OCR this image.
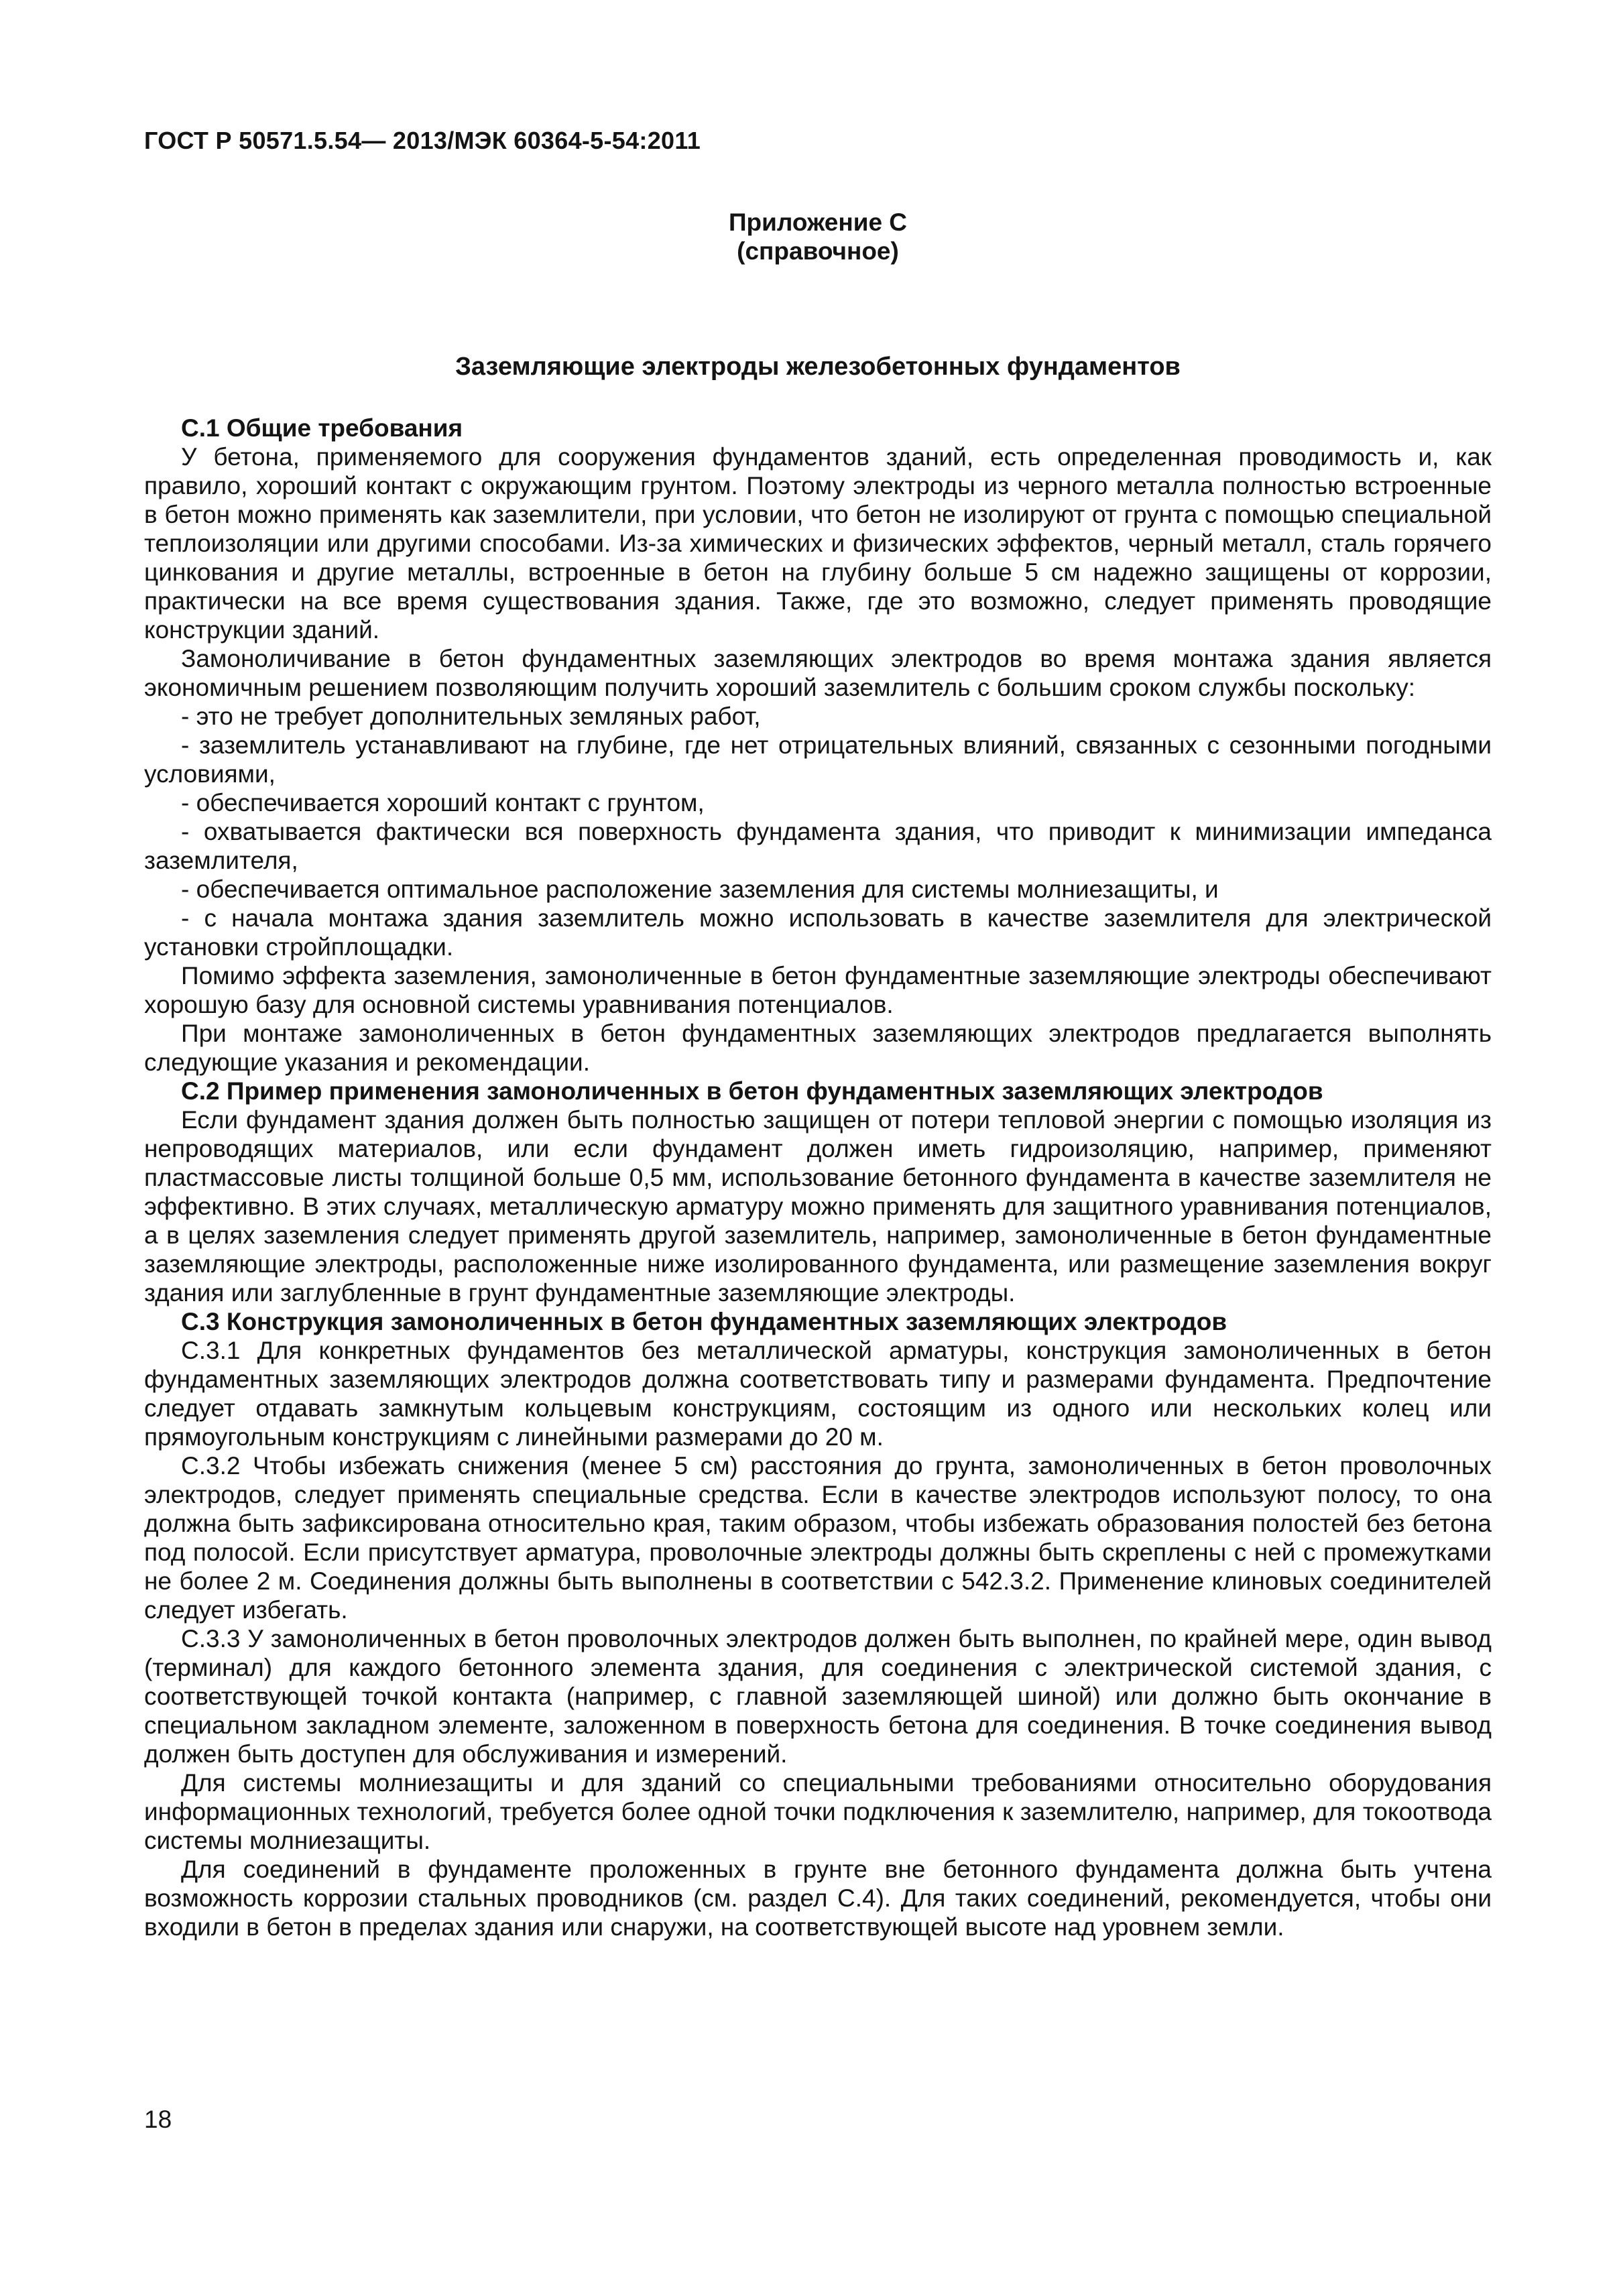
ГОСТ Р 50571.5.54— 2013/МЭК 60364-5-54:2011
Приложение С
(справочное)
Заземляющие электроды железобетонных фундаментов

С.1 Общие требования

У бетона, применяемого для сооружения фундаментов зданий, есть определенная проводимость и, как правило, хороший контакт с окружающим грунтом. Поэтому электроды из черного металла полностью встроенные в бетон можно применять как заземлители, при условии, что бетон не изолируют от грунта с помощью специальной теплоизоляции или другими способами. Из-за химических и физических эффектов, черный металл, сталь горячего цинкования и другие металлы, встроенные в бетон на глубину больше 5 см надежно защищены от коррозии, практически на все время существования здания. Также, где это возможно, следует применять проводящие конструкции зданий.

Замоноличивание в бетон фундаментных заземляющих электродов во время монтажа здания является экономичным решением позволяющим получить хороший заземлитель с большим сроком службы поскольку:

- это не требует дополнительных земляных работ,

- заземлитель устанавливают на глубине, где нет отрицательных влияний, связанных с сезонными погодными условиями,

- обеспечивается хороший контакт с грунтом,

- охватывается фактически вся поверхность фундамента здания, что приводит к минимизации импеданса заземлителя,

- обеспечивается оптимальное расположение заземления для системы молниезащиты, и

- с начала монтажа здания заземлитель можно использовать в качестве заземлителя для электрической установки стройплощадки.

Помимо эффекта заземления, замоноличенные в бетон фундаментные заземляющие электроды обеспечивают хорошую базу для основной системы уравнивания потенциалов.

При монтаже замоноличенных в бетон фундаментных заземляющих электродов предлагается выполнять следующие указания и рекомендации.

С.2 Пример применения замоноличенных в бетон фундаментных заземляющих электродов

Если фундамент здания должен быть полностью защищен от потери тепловой энергии с помощью изоляция из непроводящих материалов, или если фундамент должен иметь гидроизоляцию, например, применяют пластмассовые листы толщиной больше 0,5 мм, использование бетонного фундамента в качестве заземлителя не эффективно. В этих случаях, металлическую арматуру можно применять для защитного уравнивания потенциалов, а в целях заземления следует применять другой заземлитель, например, замоноличенные в бетон фундаментные заземляющие электроды, расположенные ниже изолированного фундамента, или размещение заземления вокруг здания или заглубленные в грунт фундаментные заземляющие электроды.

С.3 Конструкция замоноличенных в бетон фундаментных заземляющих электродов

С.3.1 Для конкретных фундаментов без металлической арматуры, конструкция замоноличенных в бетон фундаментных заземляющих электродов должна соответствовать типу и размерами фундамента. Предпочтение следует отдавать замкнутым кольцевым конструкциям, состоящим из одного или нескольких колец или прямоугольным конструкциям с линейными размерами до 20 м.

С.3.2 Чтобы избежать снижения (менее 5 см) расстояния до грунта, замоноличенных в бетон проволочных электродов, следует применять специальные средства. Если в качестве электродов используют полосу, то она должна быть зафиксирована относительно края, таким образом, чтобы избежать образования полостей без бетона под полосой. Если присутствует арматура, проволочные электроды должны быть скреплены с ней с промежутками не более 2 м. Соединения должны быть выполнены в соответствии с 542.3.2. Применение клиновых соединителей следует избегать.

С.3.3 У замоноличенных в бетон проволочных электродов должен быть выполнен, по крайней мере, один вывод (терминал) для каждого бетонного элемента здания, для соединения с электрической системой здания, с соответствующей точкой контакта (например, с главной заземляющей шиной) или должно быть окончание в специальном закладном элементе, заложенном в поверхность бетона для соединения. В точке соединения вывод должен быть доступен для обслуживания и измерений.

Для системы молниезащиты и для зданий со специальными требованиями относительно оборудования информационных технологий, требуется более одной точки подключения к заземлителю, например, для токоотвода системы молниезащиты.

Для соединений в фундаменте проложенных в грунте вне бетонного фундамента должна быть учтена возможность коррозии стальных проводников (см. раздел С.4). Для таких соединений, рекомендуется, чтобы они входили в бетон в пределах здания или снаружи, на соответствующей высоте над уровнем земли.

18
